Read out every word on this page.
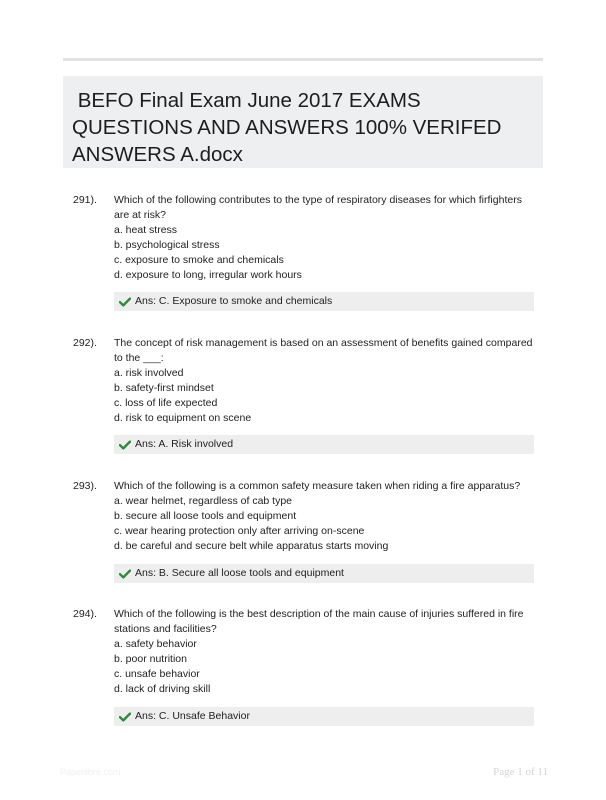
BEFO Final Exam June 2017 EXAMS QUESTIONS AND ANSWERS 100% VERIFED ANSWERS A.docx
291). Which of the following contributes to the type of respiratory diseases for which firfighters are at risk?

a. heat stress

b. psychological stress

c. exposure to smoke and chemicals

d. exposure to long, irregular work hours

Ans: C. Exposure to smoke and chemicals
292). The concept of risk management is based on an assessment of benefits gained compared to the ___:

a. risk involved

b. safety-first mindset

c. loss of life expected

d. risk to equipment on scene

Ans: A. Risk involved
293). Which of the following is a common safety measure taken when riding a fire apparatus?

a. wear helmet, regardless of cab type

b. secure all loose tools and equipment

c. wear hearing protection only after arriving on-scene

d. be careful and secure belt while apparatus starts moving

Ans: B. Secure all loose tools and equipment
294). Which of the following is the best description of the main cause of injuries suffered in fire stations and facilities?

a. safety behavior

b. poor nutrition

c. unsafe behavior

d. lack of driving skill

Ans: C. Unsafe Behavior
Paperlibre.com	Page 1 of 11
